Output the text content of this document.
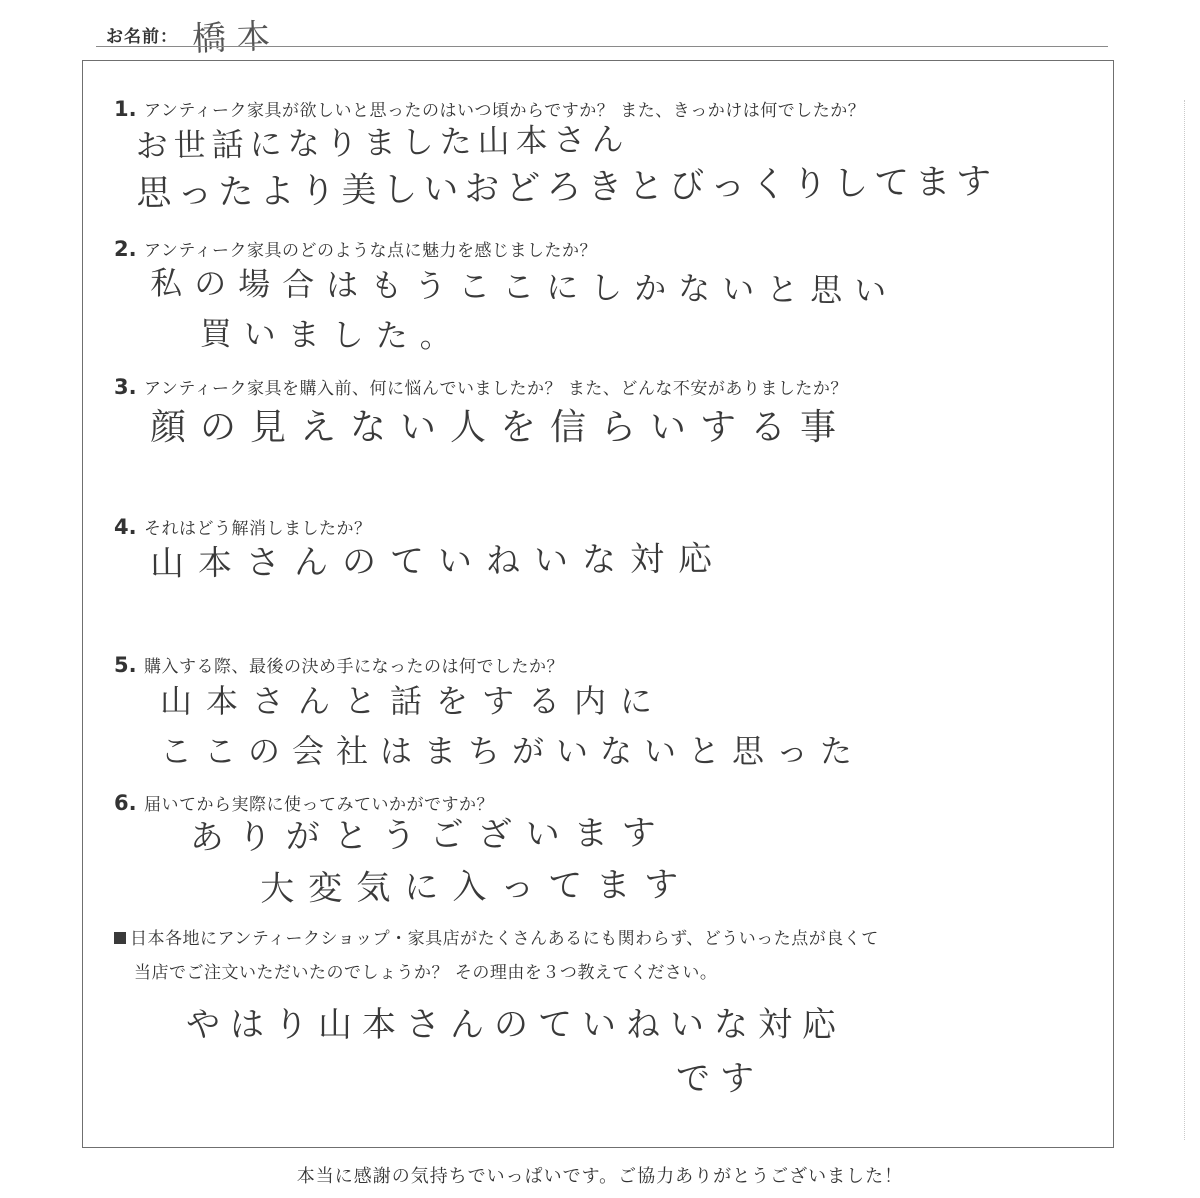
お名前： 橋本
1. アンティーク家具が欲しいと思ったのはいつ頃からですか？ また、きっかけは何でしたか？
お世話になりました山本さん
思ったより美しいおどろきとびっくりしてます
2. アンティーク家具のどのような点に魅力を感じましたか？
私の場合はもうここにしかないと思い
買いました。
3. アンティーク家具を購入前、何に悩んでいましたか？ また、どんな不安がありましたか？
顔の見えない人を信らいする事
4. それはどう解消しましたか？
山本さんのていねいな対応
5. 購入する際、最後の決め手になったのは何でしたか？
山本さんと話をする内に
ここの会社はまちがいないと思った
6. 届いてから実際に使ってみていかがですか？
ありがとうございます
大変気に入ってます
日本各地にアンティークショップ・家具店がたくさんあるにも関わらず、どういった点が良くて
当店でご注文いただいたのでしょうか？ その理由を３つ教えてください。
やはり山本さんのていねいな対応
です
本当に感謝の気持ちでいっぱいです。ご協力ありがとうございました！
